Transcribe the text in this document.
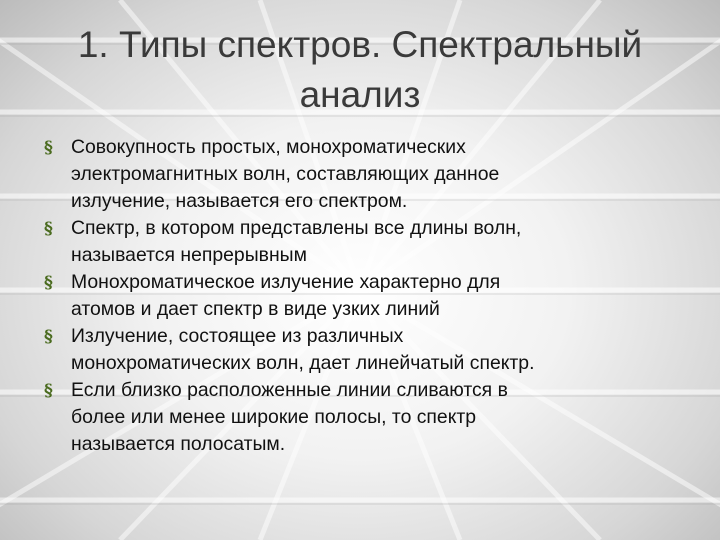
1. Типы спектров. Спектральный
анализ
§ Совокупность простых, монохроматических
электромагнитных волн, составляющих данное
излучение, называется его спектром.
§ Спектр, в котором представлены все длины волн,
называется непрерывным
§ Монохроматическое излучение характерно для
атомов и дает спектр в виде узких линий
§ Излучение, состоящее из различных
монохроматических волн, дает линейчатый спектр.
§ Если близко расположенные линии сливаются в
более или менее широкие полосы, то спектр
называется полосатым.
